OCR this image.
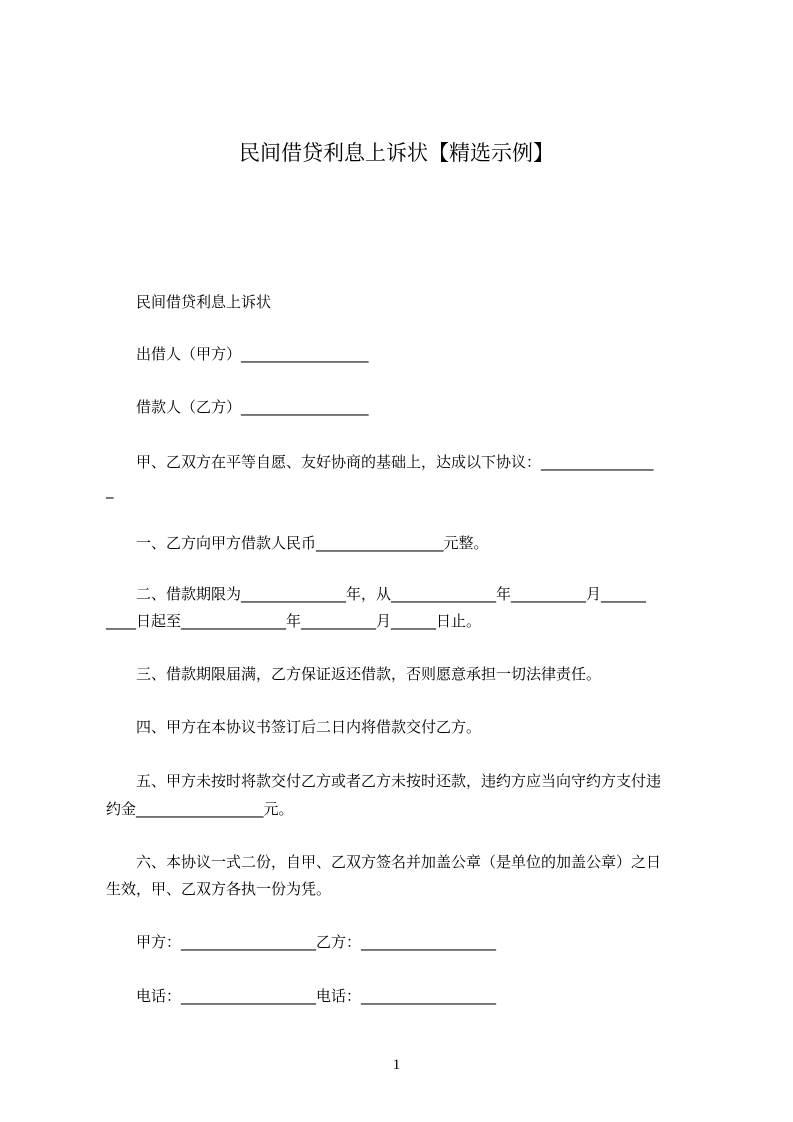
民间借贷利息上诉状【精选示例】
　　民间借贷利息上诉状
　　出借人（甲方）_________________
　　借款人（乙方）_________________
　　甲、乙双方在平等自愿、友好协商的基础上，达成以下协议：_______________
_
　　一、乙方向甲方借款人民币_________________元整。
　　二、借款期限为______________年，从______________年__________月______
____日起至______________年__________月______日止。
　　三、借款期限届满，乙方保证返还借款，否则愿意承担一切法律责任。
　　四、甲方在本协议书签订后二日内将借款交付乙方。
　　五、甲方未按时将款交付乙方或者乙方未按时还款，违约方应当向守约方支付违
约金_________________元。
　　六、本协议一式二份，自甲、乙双方签名并加盖公章（是单位的加盖公章）之日
生效，甲、乙双方各执一份为凭。
　　甲方：__________________乙方：__________________
　　电话：__________________电话：__________________
1
